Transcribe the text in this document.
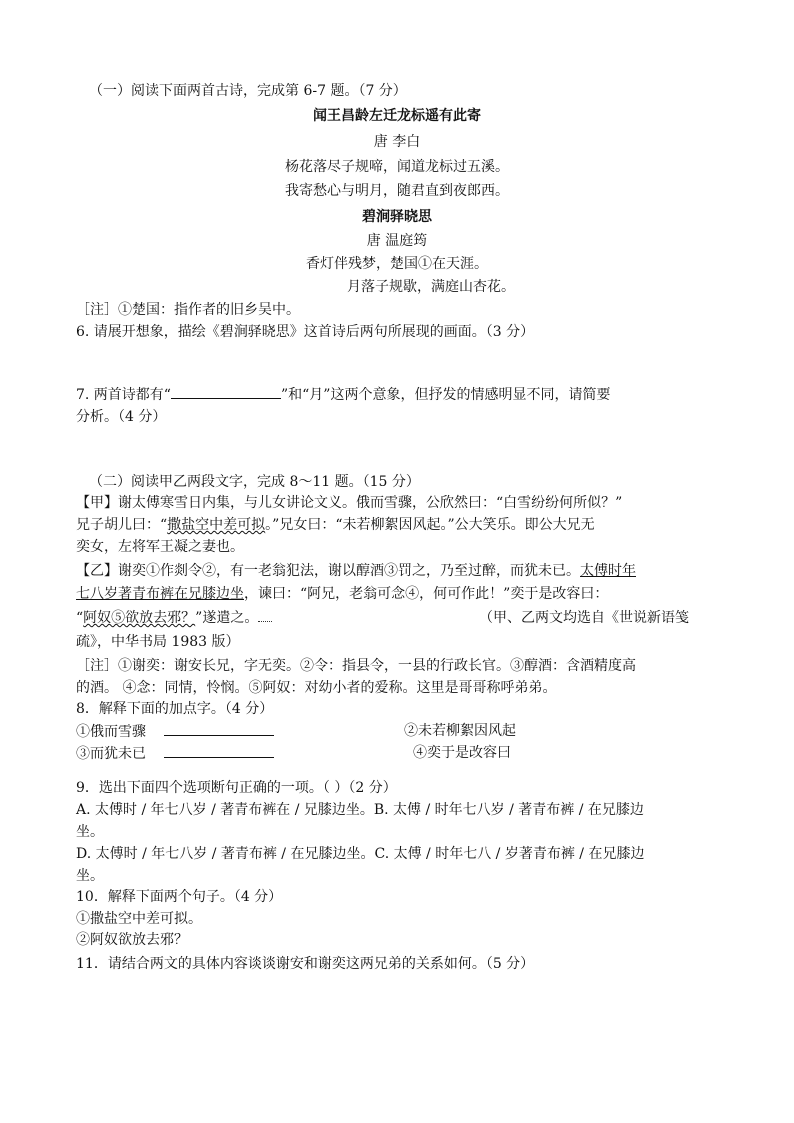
（一）阅读下面两首古诗，完成第 6-7 题。（7 分）
闻王昌龄左迁龙标遥有此寄
唐 李白
杨花落尽子规啼，闻道龙标过五溪。
我寄愁心与明月，随君直到夜郎西。
碧涧驿晓思
唐 温庭筠
香灯伴残梦，楚国①在天涯。
月落子规歇，满庭山杏花。
［注］①楚国：指作者的旧乡吴中。
6. 请展开想象，描绘《碧涧驿晓思》这首诗后两句所展现的画面。（3 分）
7. 两首诗都有“	”和“月”这两个意象，但抒发的情感明显不同，请简要
分析。（4 分）
（二）阅读甲乙两段文字，完成 8～11 题。（15 分）
【甲】谢太傅寒雪日内集，与儿女讲论文义。俄而雪骤，公欣然曰：“白雪纷纷何所似？”
兄子胡儿曰：“撒盐空中差可拟。”兄女曰：“未若柳絮因风起。”公大笑乐。即公大兄无
奕女，左将军王凝之妻也。
【乙】谢奕①作剡令②，有一老翁犯法，谢以醇酒③罚之，乃至过醉，而犹未已。太傅时年
七八岁著青布裤在兄膝边坐，谏曰：“阿兄，老翁可念④，何可作此！”奕于是改容曰：
“阿奴⑤欲放去邪？”遂遣之。	（甲、乙两文均选自《世说新语笺
疏》，中华书局 1983 版）
［注］①谢奕：谢安长兄，字无奕。②令：指县令，一县的行政长官。③醇酒：含酒精度高
的酒。 ④念：同情，怜悯。⑤阿奴：对幼小者的爱称。这里是哥哥称呼弟弟。
8．解释下面的加点字。（4 分）
①俄而雪骤	②未若柳絮因风起
③而犹未已	④奕于是改容曰
9．选出下面四个选项断句正确的一项。（ ）（2 分）
A. 太傅时 / 年七八岁 / 著青布裤在 / 兄膝边坐。B. 太傅 / 时年七八岁 / 著青布裤 / 在兄膝边
坐。
D. 太傅时 / 年七八岁 / 著青布裤 / 在兄膝边坐。C. 太傅 / 时年七八 / 岁著青布裤 / 在兄膝边
坐。
10．解释下面两个句子。（4 分）
①撒盐空中差可拟。
②阿奴欲放去邪？
11．请结合两文的具体内容谈谈谢安和谢奕这两兄弟的关系如何。（5 分）
